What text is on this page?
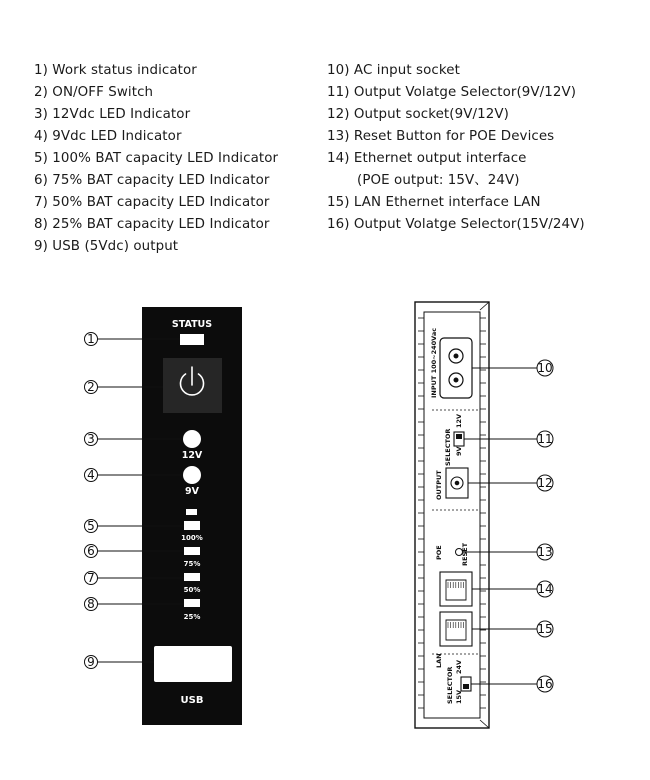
1) Work status indicator
2) ON/OFF Switch
3) 12Vdc LED Indicator
4) 9Vdc LED Indicator
5) 100% BAT capacity LED Indicator
6) 75% BAT capacity LED Indicator
7) 50% BAT capacity LED Indicator
8) 25% BAT capacity LED Indicator
9) USB (5Vdc) output
10) AC input socket
11) Output Volatge Selector(9V/12V)
12) Output socket(9V/12V)
13) Reset Button for POE Devices
14) Ethernet output interface
(POE output: 15V、24V)
15) LAN Ethernet interface LAN
16) Output Volatge Selector(15V/24V)
STATUS
12V
9V
100%
75%
50%
25%
USB
1
2
3
4
5
6
7
8
9
INPUT 100~240Vac
SELECTOR 9V
12V
OUTPUT
POE	RESET
LAN
SELECTOR 15V
24V
10
11
12
13
14
15
16
